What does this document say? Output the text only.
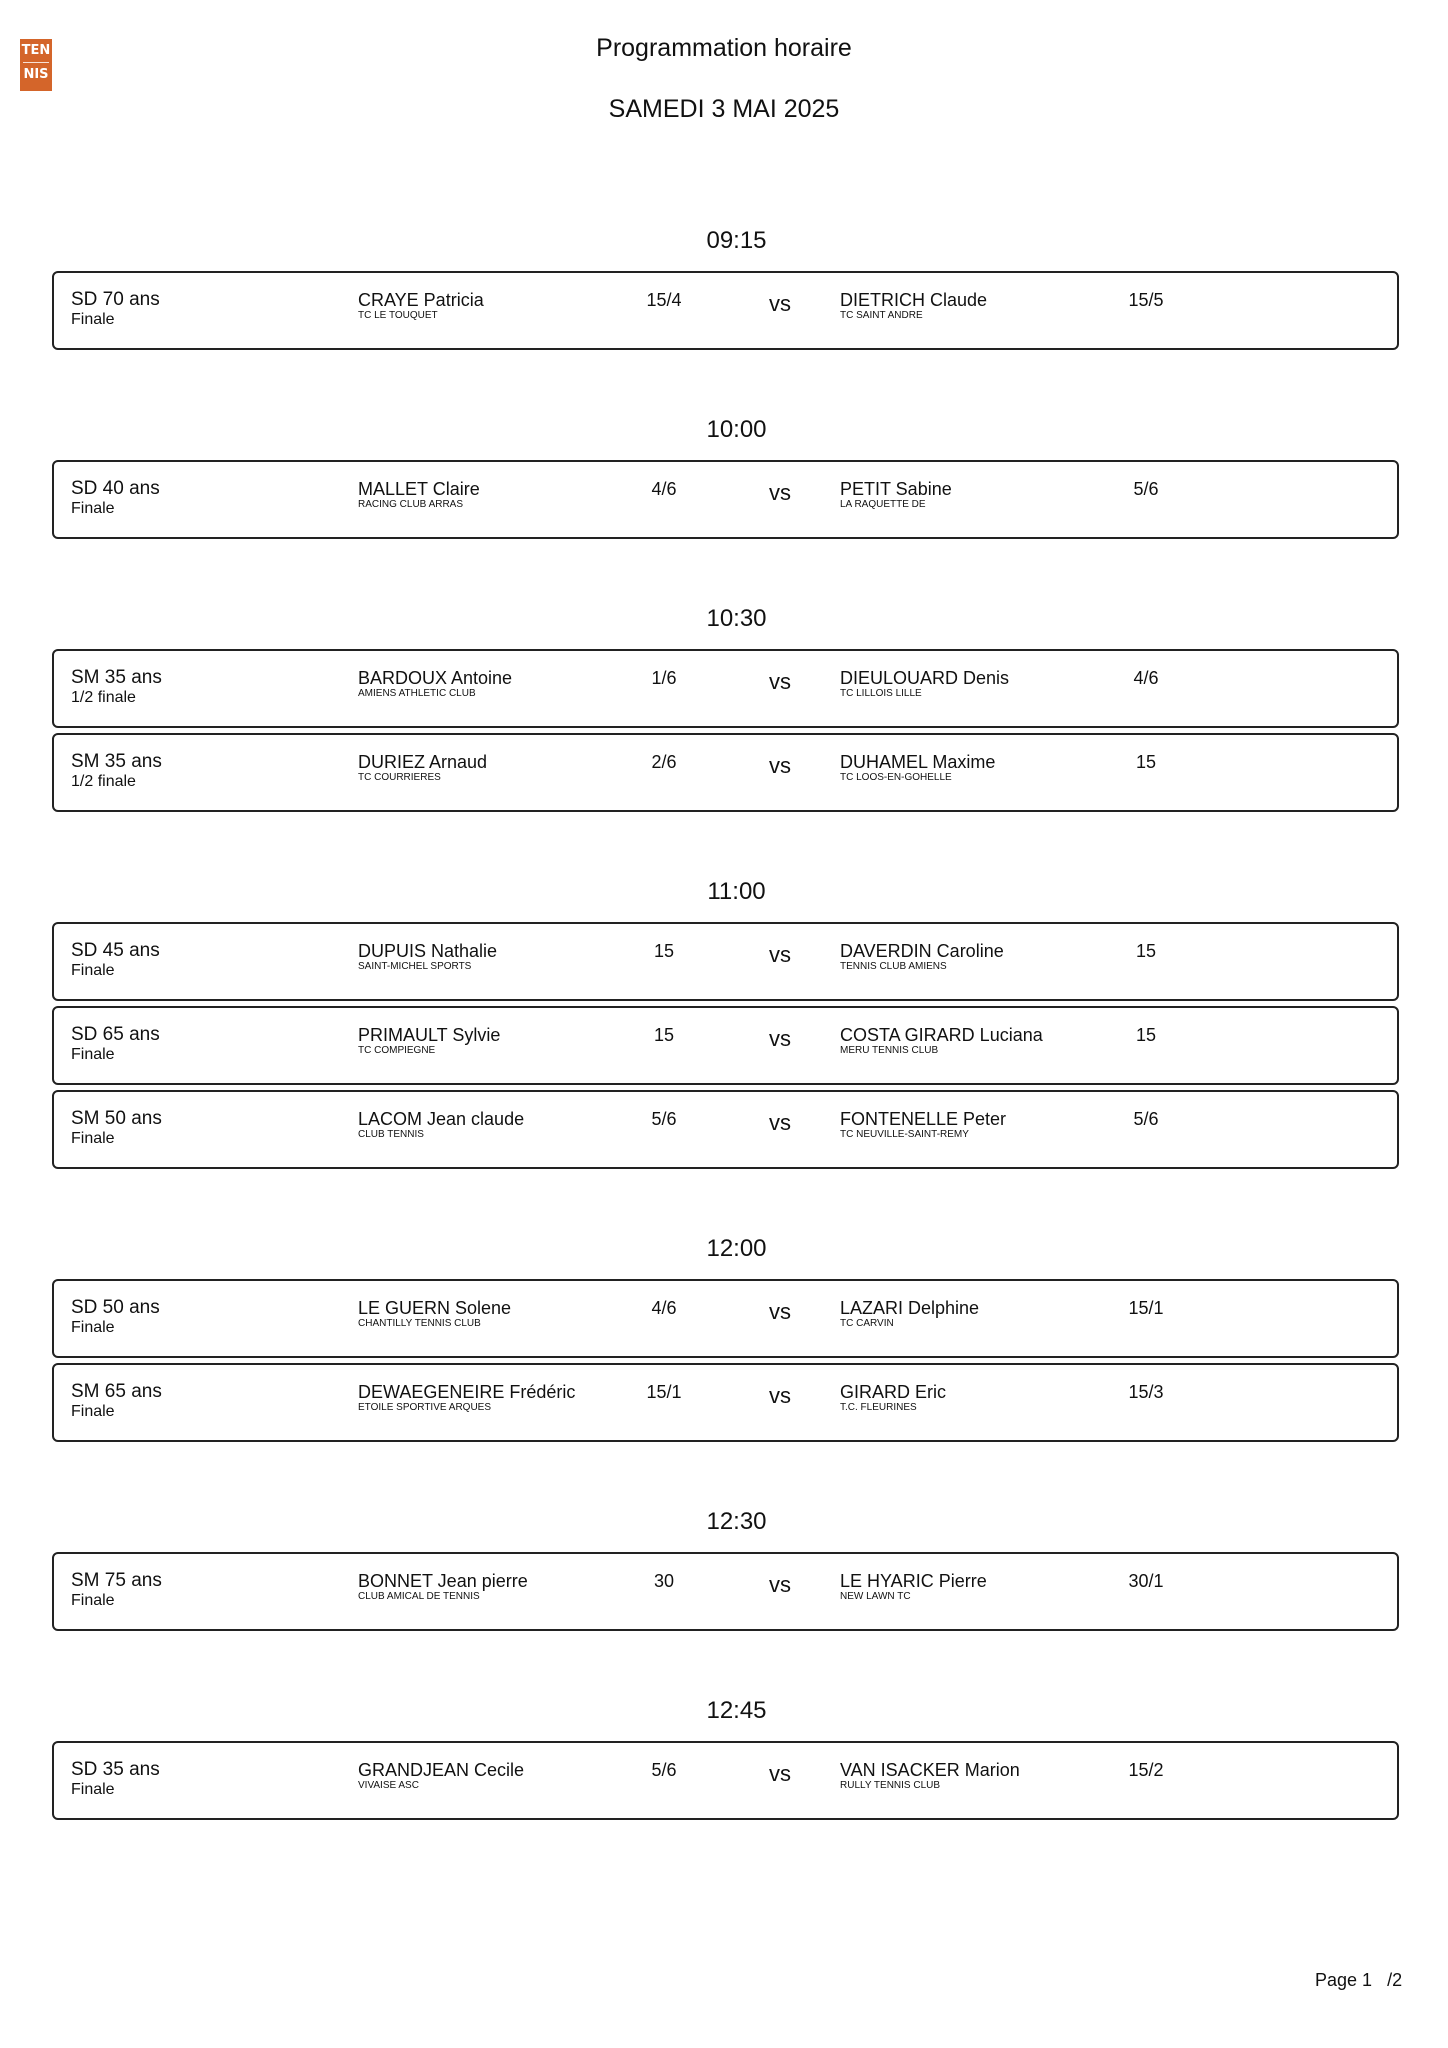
TEN
NIS
Programmation horaire
SAMEDI 3 MAI 2025
09:15
SD 70 ans
Finale
CRAYE Patricia
TC LE TOUQUET
15/4	vs	DIETRICH Claude
TC SAINT ANDRE
15/5
10:00
SD 40 ans
Finale
MALLET Claire
RACING CLUB ARRAS
4/6	vs	PETIT Sabine
LA RAQUETTE DE
5/6
10:30
SM 35 ans
1/2 finale
BARDOUX Antoine
AMIENS ATHLETIC CLUB
1/6	vs	DIEULOUARD Denis
TC LILLOIS LILLE
4/6
SM 35 ans
1/2 finale
DURIEZ Arnaud
TC COURRIERES
2/6	vs	DUHAMEL Maxime
TC LOOS-EN-GOHELLE
15
11:00
SD 45 ans
Finale
DUPUIS Nathalie
SAINT-MICHEL SPORTS
15	vs	DAVERDIN Caroline
TENNIS CLUB AMIENS
15
SD 65 ans
Finale
PRIMAULT Sylvie
TC COMPIEGNE
15	vs	COSTA GIRARD Luciana
MERU TENNIS CLUB
15
SM 50 ans
Finale
LACOM Jean claude
CLUB TENNIS
5/6	vs	FONTENELLE Peter
TC NEUVILLE-SAINT-REMY
5/6
12:00
SD 50 ans
Finale
LE GUERN Solene
CHANTILLY TENNIS CLUB
4/6	vs	LAZARI Delphine
TC CARVIN
15/1
SM 65 ans
Finale
DEWAEGENEIRE Frédéric
ETOILE SPORTIVE ARQUES
15/1	vs	GIRARD Eric
T.C. FLEURINES
15/3
12:30
SM 75 ans
Finale
BONNET Jean pierre
CLUB AMICAL DE TENNIS
30	vs	LE HYARIC Pierre
NEW LAWN TC
30/1
12:45
SD 35 ans
Finale
GRANDJEAN Cecile
VIVAISE ASC
5/6	vs	VAN ISACKER Marion
RULLY TENNIS CLUB
15/2
Page 1 /2
